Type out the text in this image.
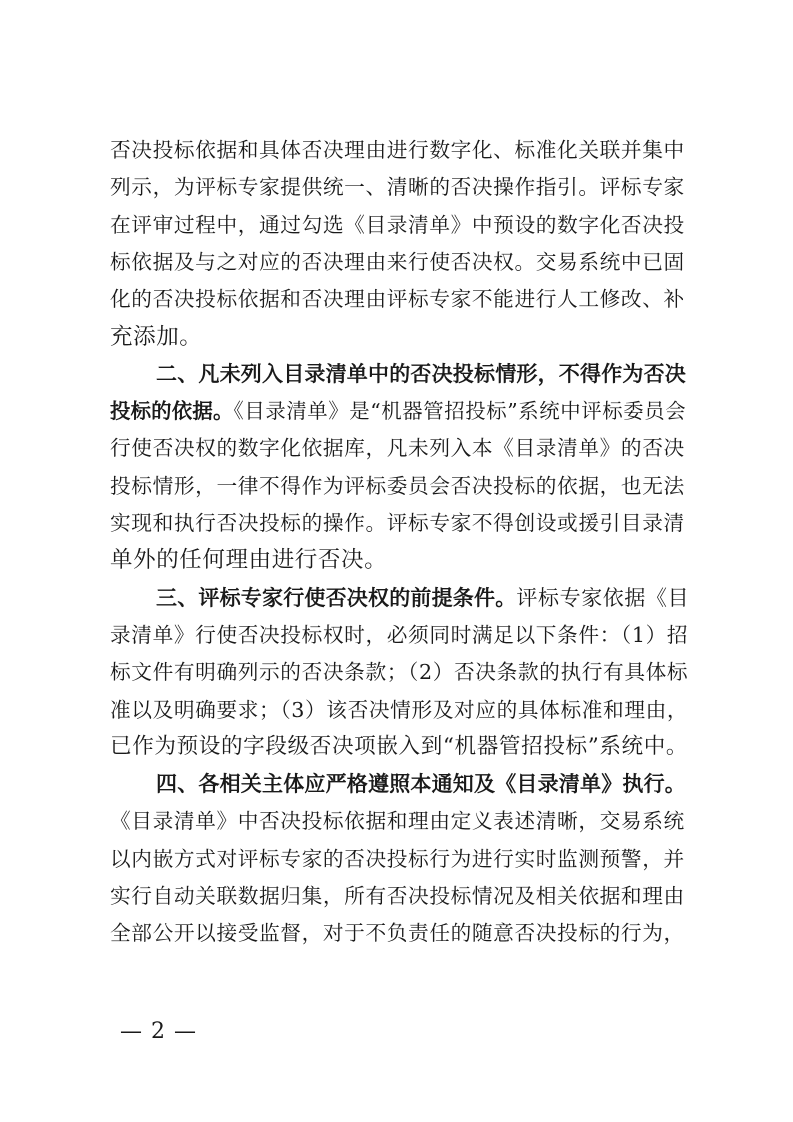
否决投标依据和具体否决理由进行数字化、标准化关联并集中
列示，为评标专家提供统一、清晰的否决操作指引。评标专家
在评审过程中，通过勾选《目录清单》中预设的数字化否决投
标依据及与之对应的否决理由来行使否决权。交易系统中已固
化的否决投标依据和否决理由评标专家不能进行人工修改、补
充添加。
二、凡未列入目录清单中的否决投标情形，不得作为否决
投标的依据。《目录清单》是“机器管招投标”系统中评标委员会
行使否决权的数字化依据库，凡未列入本《目录清单》的否决
投标情形，一律不得作为评标委员会否决投标的依据，也无法
实现和执行否决投标的操作。评标专家不得创设或援引目录清
单外的任何理由进行否决。
三、评标专家行使否决权的前提条件。评标专家依据《目
录清单》行使否决投标权时，必须同时满足以下条件：（1）招
标文件有明确列示的否决条款；（2）否决条款的执行有具体标
准以及明确要求；（3）该否决情形及对应的具体标准和理由，
已作为预设的字段级否决项嵌入到“机器管招投标”系统中。
四、各相关主体应严格遵照本通知及《目录清单》执行。
《目录清单》中否决投标依据和理由定义表述清晰，交易系统
以内嵌方式对评标专家的否决投标行为进行实时监测预警，并
实行自动关联数据归集，所有否决投标情况及相关依据和理由
全部公开以接受监督，对于不负责任的随意否决投标的行为，
— 2 —
